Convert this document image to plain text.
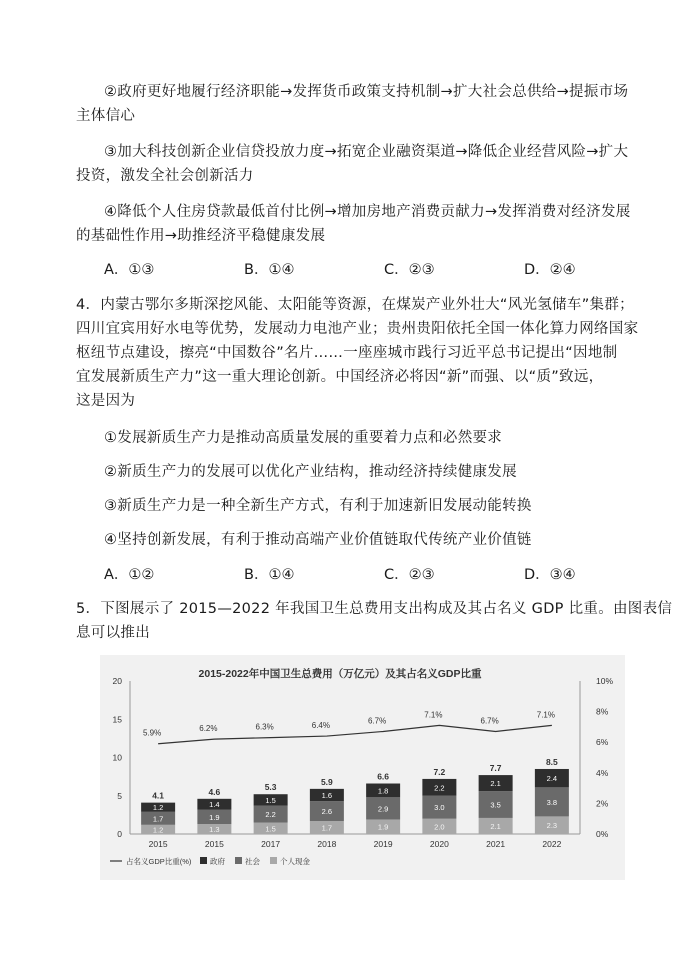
②政府更好地履行经济职能→发挥货币政策支持机制→扩大社会总供给→提振市场
主体信心
③加大科技创新企业信贷投放力度→拓宽企业融资渠道→降低企业经营风险→扩大
投资，激发全社会创新活力
④降低个人住房贷款最低首付比例→增加房地产消费贡献力→发挥消费对经济发展
的基础性作用→助推经济平稳健康发展
A．①③	B．①④	C．②③	D．②④
4．内蒙古鄂尔多斯深挖风能、太阳能等资源，在煤炭产业外壮大“风光氢储车”集群；
四川宜宾用好水电等优势，发展动力电池产业；贵州贵阳依托全国一体化算力网络国家
枢纽节点建设，擦亮“中国数谷”名片……一座座城市践行习近平总书记提出“因地制
宜发展新质生产力”这一重大理论创新。中国经济必将因“新”而强、以“质”致远，
这是因为
①发展新质生产力是推动高质量发展的重要着力点和必然要求
②新质生产力的发展可以优化产业结构，推动经济持续健康发展
③新质生产力是一种全新生产方式，有利于加速新旧发展动能转换
④坚持创新发展，有利于推动高端产业价值链取代传统产业价值链
A．①②	B．①④	C．②③	D．③④
5．下图展示了 2015—2022 年我国卫生总费用支出构成及其占名义 GDP 比重。由图表信
息可以推出
2015-2022年中国卫生总费用（万亿元）及其占名义GDP比重
0
5
10
15
20
0%
2%
4%
6%
8%
10%
1.2
1.7
1.2
4.1
2015
1.3
1.9
1.4
4.6
2015
1.5
2.2
1.5
5.3
2017
1.7
2.6
1.6
5.9
2018
1.9
2.9
1.8
6.6
2019
2.0
3.0
2.2
7.2
2020
2.1
3.5
2.1
7.7
2021
2.3
3.8
2.4
8.5
2022
5.9%
6.2%	6.3%	6.4%
6.7%
7.1%
6.7%
7.1%
占名义GDP比重(%) 政府	社会	个人现金
